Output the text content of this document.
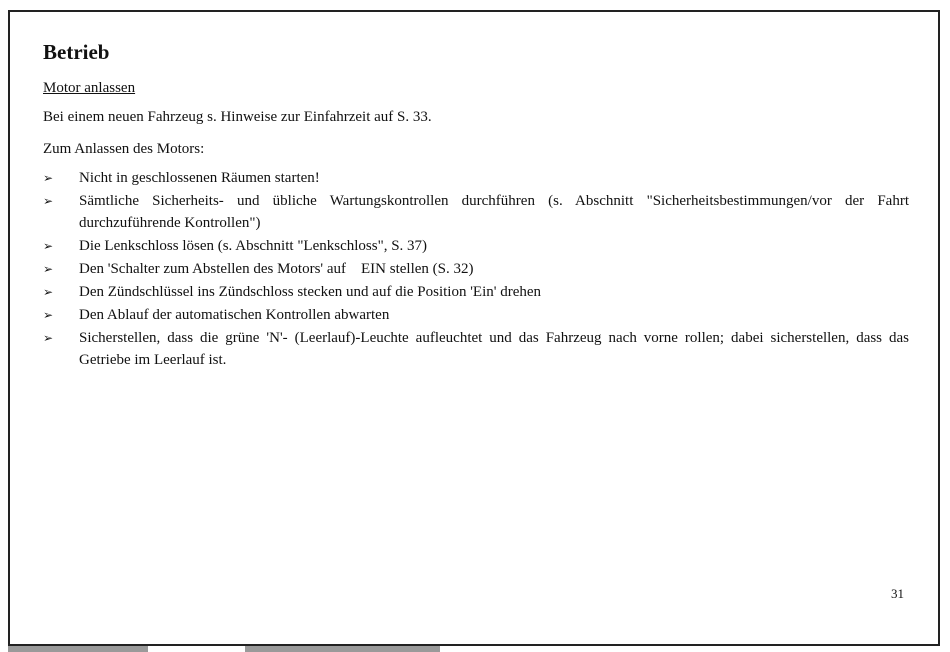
Betrieb
Motor anlassen
Bei einem neuen Fahrzeug s. Hinweise zur Einfahrzeit auf S. 33.
Zum Anlassen des Motors:
➢ Nicht in geschlossenen Räumen starten!
➢ Sämtliche Sicherheits- und übliche Wartungskontrollen durchführen (s. Abschnitt "Sicherheitsbestimmungen/vor der Fahrt durchzuführende Kontrollen")
➢ Die Lenkschloss lösen (s. Abschnitt "Lenkschloss", S. 37)
➢ Den 'Schalter zum Abstellen des Motors' auf    EIN stellen (S. 32)
➢ Den Zündschlüssel ins Zündschloss stecken und auf die Position 'Ein' drehen
➢ Den Ablauf der automatischen Kontrollen abwarten
➢ Sicherstellen, dass die grüne 'N'- (Leerlauf)-Leuchte aufleuchtet und das Fahrzeug nach vorne rollen; dabei sicherstellen, dass das Getriebe im Leerlauf ist.
31
